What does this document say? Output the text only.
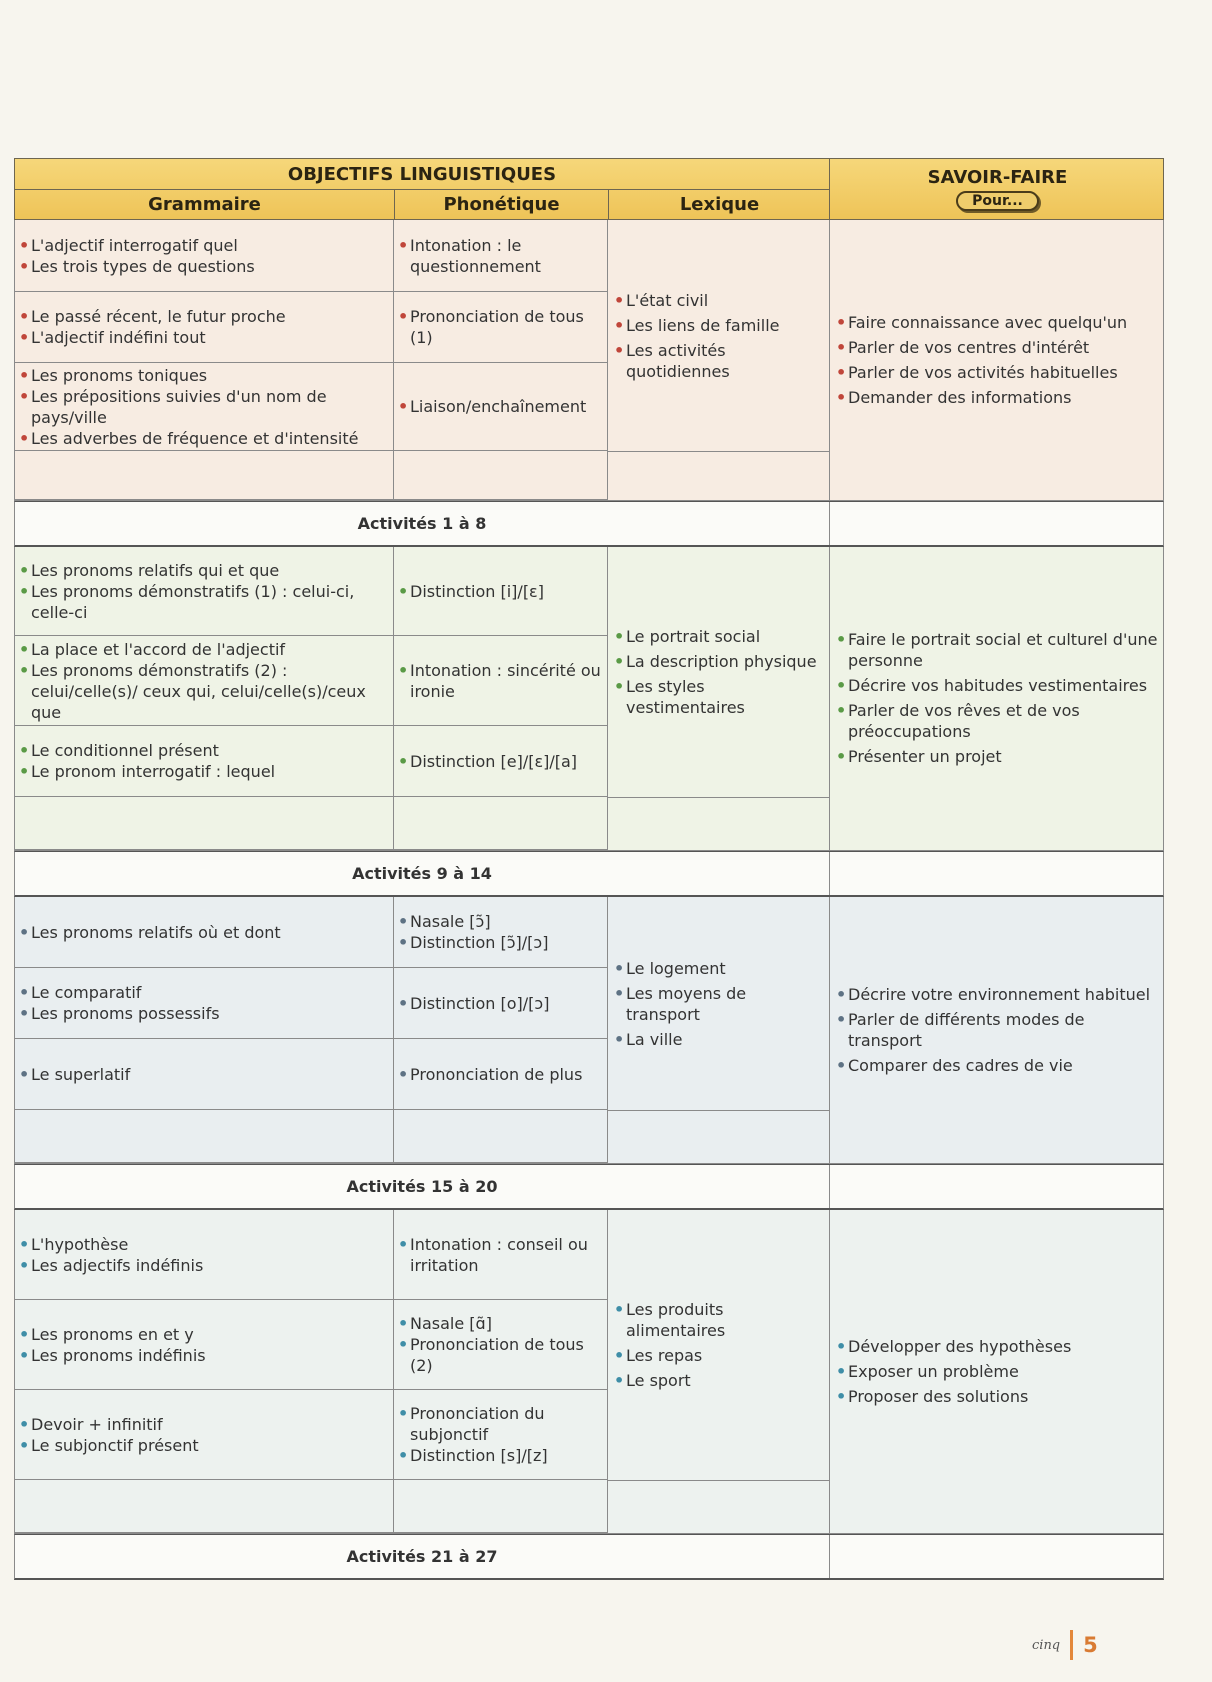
OBJECTIFS LINGUISTIQUES
Grammaire	Phonétique	Lexique
SAVOIR-FAIRE
Pour...
• L'adjectif interrogatif quel
• Les trois types de questions
• Le passé récent, le futur proche
• L'adjectif indéfini tout
• Les pronoms toniques
• Les prépositions suivies d'un nom de pays/ville
• Les adverbes de fréquence et d'intensité
• Intonation : le questionnement
• Prononciation de tous (1)
• Liaison/enchaînement
• L'état civil
• Les liens de famille
• Les activités quotidiennes
• Faire connaissance avec quelqu'un
• Parler de vos centres d'intérêt
• Parler de vos activités habituelles
• Demander des informations
Activités 1 à 8
• Les pronoms relatifs qui et que
• Les pronoms démonstratifs (1) : celui-ci, celle-ci
• La place et l'accord de l'adjectif
• Les pronoms démonstratifs (2) : celui/celle(s)/ ceux qui, celui/celle(s)/ceux que
• Le conditionnel présent
• Le pronom interrogatif : lequel
• Distinction [i]/[ɛ]
• Intonation : sincérité ou ironie
• Distinction [e]/[ɛ]/[a]
• Le portrait social
• La description physique
• Les styles vestimentaires
• Faire le portrait social et culturel d'une personne
• Décrire vos habitudes vestimentaires
• Parler de vos rêves et de vos préoccupations
• Présenter un projet
Activités 9 à 14
• Les pronoms relatifs où et dont
• Le comparatif
• Les pronoms possessifs
• Le superlatif
• Nasale [ɔ̃]
• Distinction [ɔ̃]/[ɔ]
• Distinction [o]/[ɔ]
• Prononciation de plus
• Le logement
• Les moyens de transport
• La ville
• Décrire votre environnement habituel
• Parler de différents modes de transport
• Comparer des cadres de vie
Activités 15 à 20
• L'hypothèse
• Les adjectifs indéfinis
• Les pronoms en et y
• Les pronoms indéfinis
• Devoir + infinitif
• Le subjonctif présent
• Intonation : conseil ou irritation
• Nasale [ɑ̃]
• Prononciation de tous (2)
• Prononciation du subjonctif
• Distinction [s]/[z]
• Les produits alimentaires
• Les repas
• Le sport
• Développer des hypothèses
• Exposer un problème
• Proposer des solutions
Activités 21 à 27
cinq 5
